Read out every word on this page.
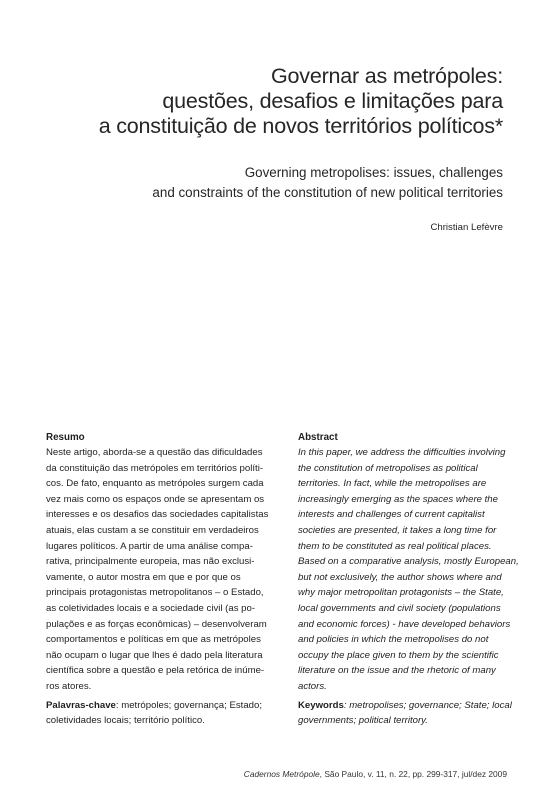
Governar as metrópoles:
questões, desafios e limitações para
a constituição de novos territórios políticos*
Governing metropolises: issues, challenges
and constraints of the constitution of new political territories
Christian Lefèvre
Resumo
Neste artigo, aborda-se a questão das dificuldades
da constituição das metrópoles em territórios políti-
cos. De fato, enquanto as metrópoles surgem cada
vez mais como os espaços onde se apresentam os
interesses e os desafios das sociedades capitalistas
atuais, elas custam a se constituir em verdadeiros
lugares políticos. A partir de uma análise compa-
rativa, principalmente europeia, mas não exclusi-
vamente, o autor mostra em que e por que os
principais protagonistas metropolitanos – o Estado,
as coletividades locais e a sociedade civil (as po-
pulações e as forças econômicas) – desenvolveram
comportamentos e políticas em que as metrópoles
não ocupam o lugar que lhes é dado pela literatura
científica sobre a questão e pela retórica de inúme-
ros atores.
Palavras-chave: metrópoles; governança; Estado;
coletividades locais; território político.
Abstract
In this paper, we address the difficulties involving
the constitution of metropolises as political
territories. In fact, while the metropolises are
increasingly emerging as the spaces where the
interests and challenges of current capitalist
societies are presented, it takes a long time for
them to be constituted as real political places.
Based on a comparative analysis, mostly European,
but not exclusively, the author shows where and
why major metropolitan protagonists – the State,
local governments and civil society (populations
and economic forces) - have developed behaviors
and policies in which the metropolises do not
occupy the place given to them by the scientific
literature on the issue and the rhetoric of many
actors.
Keywords: metropolises; governance; State; local
governments; political territory.
Cadernos Metrópole, São Paulo, v. 11, n. 22, pp. 299-317, jul/dez 2009
